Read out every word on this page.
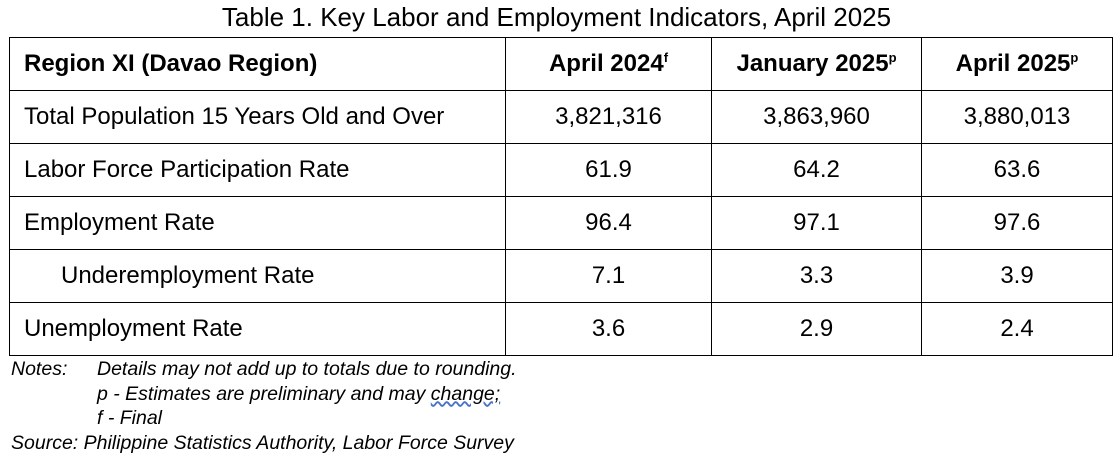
Table 1. Key Labor and Employment Indicators, April 2025
Region XI (Davao Region)	April 2024$^f$	January 2025$^p$	April 2025$^p$
Total Population 15 Years Old and Over	3,821,316	3,863,960	3,880,013
Labor Force Participation Rate	61.9	64.2	63.6
Employment Rate	96.4	97.1	97.6
Underemployment Rate	7.1	3.3	3.9
Unemployment Rate	3.6	2.9	2.4
Notes:	Details may not add up to totals due to rounding.
p - Estimates are preliminary and may change;
f - Final
Source: Philippine Statistics Authority, Labor Force Survey
